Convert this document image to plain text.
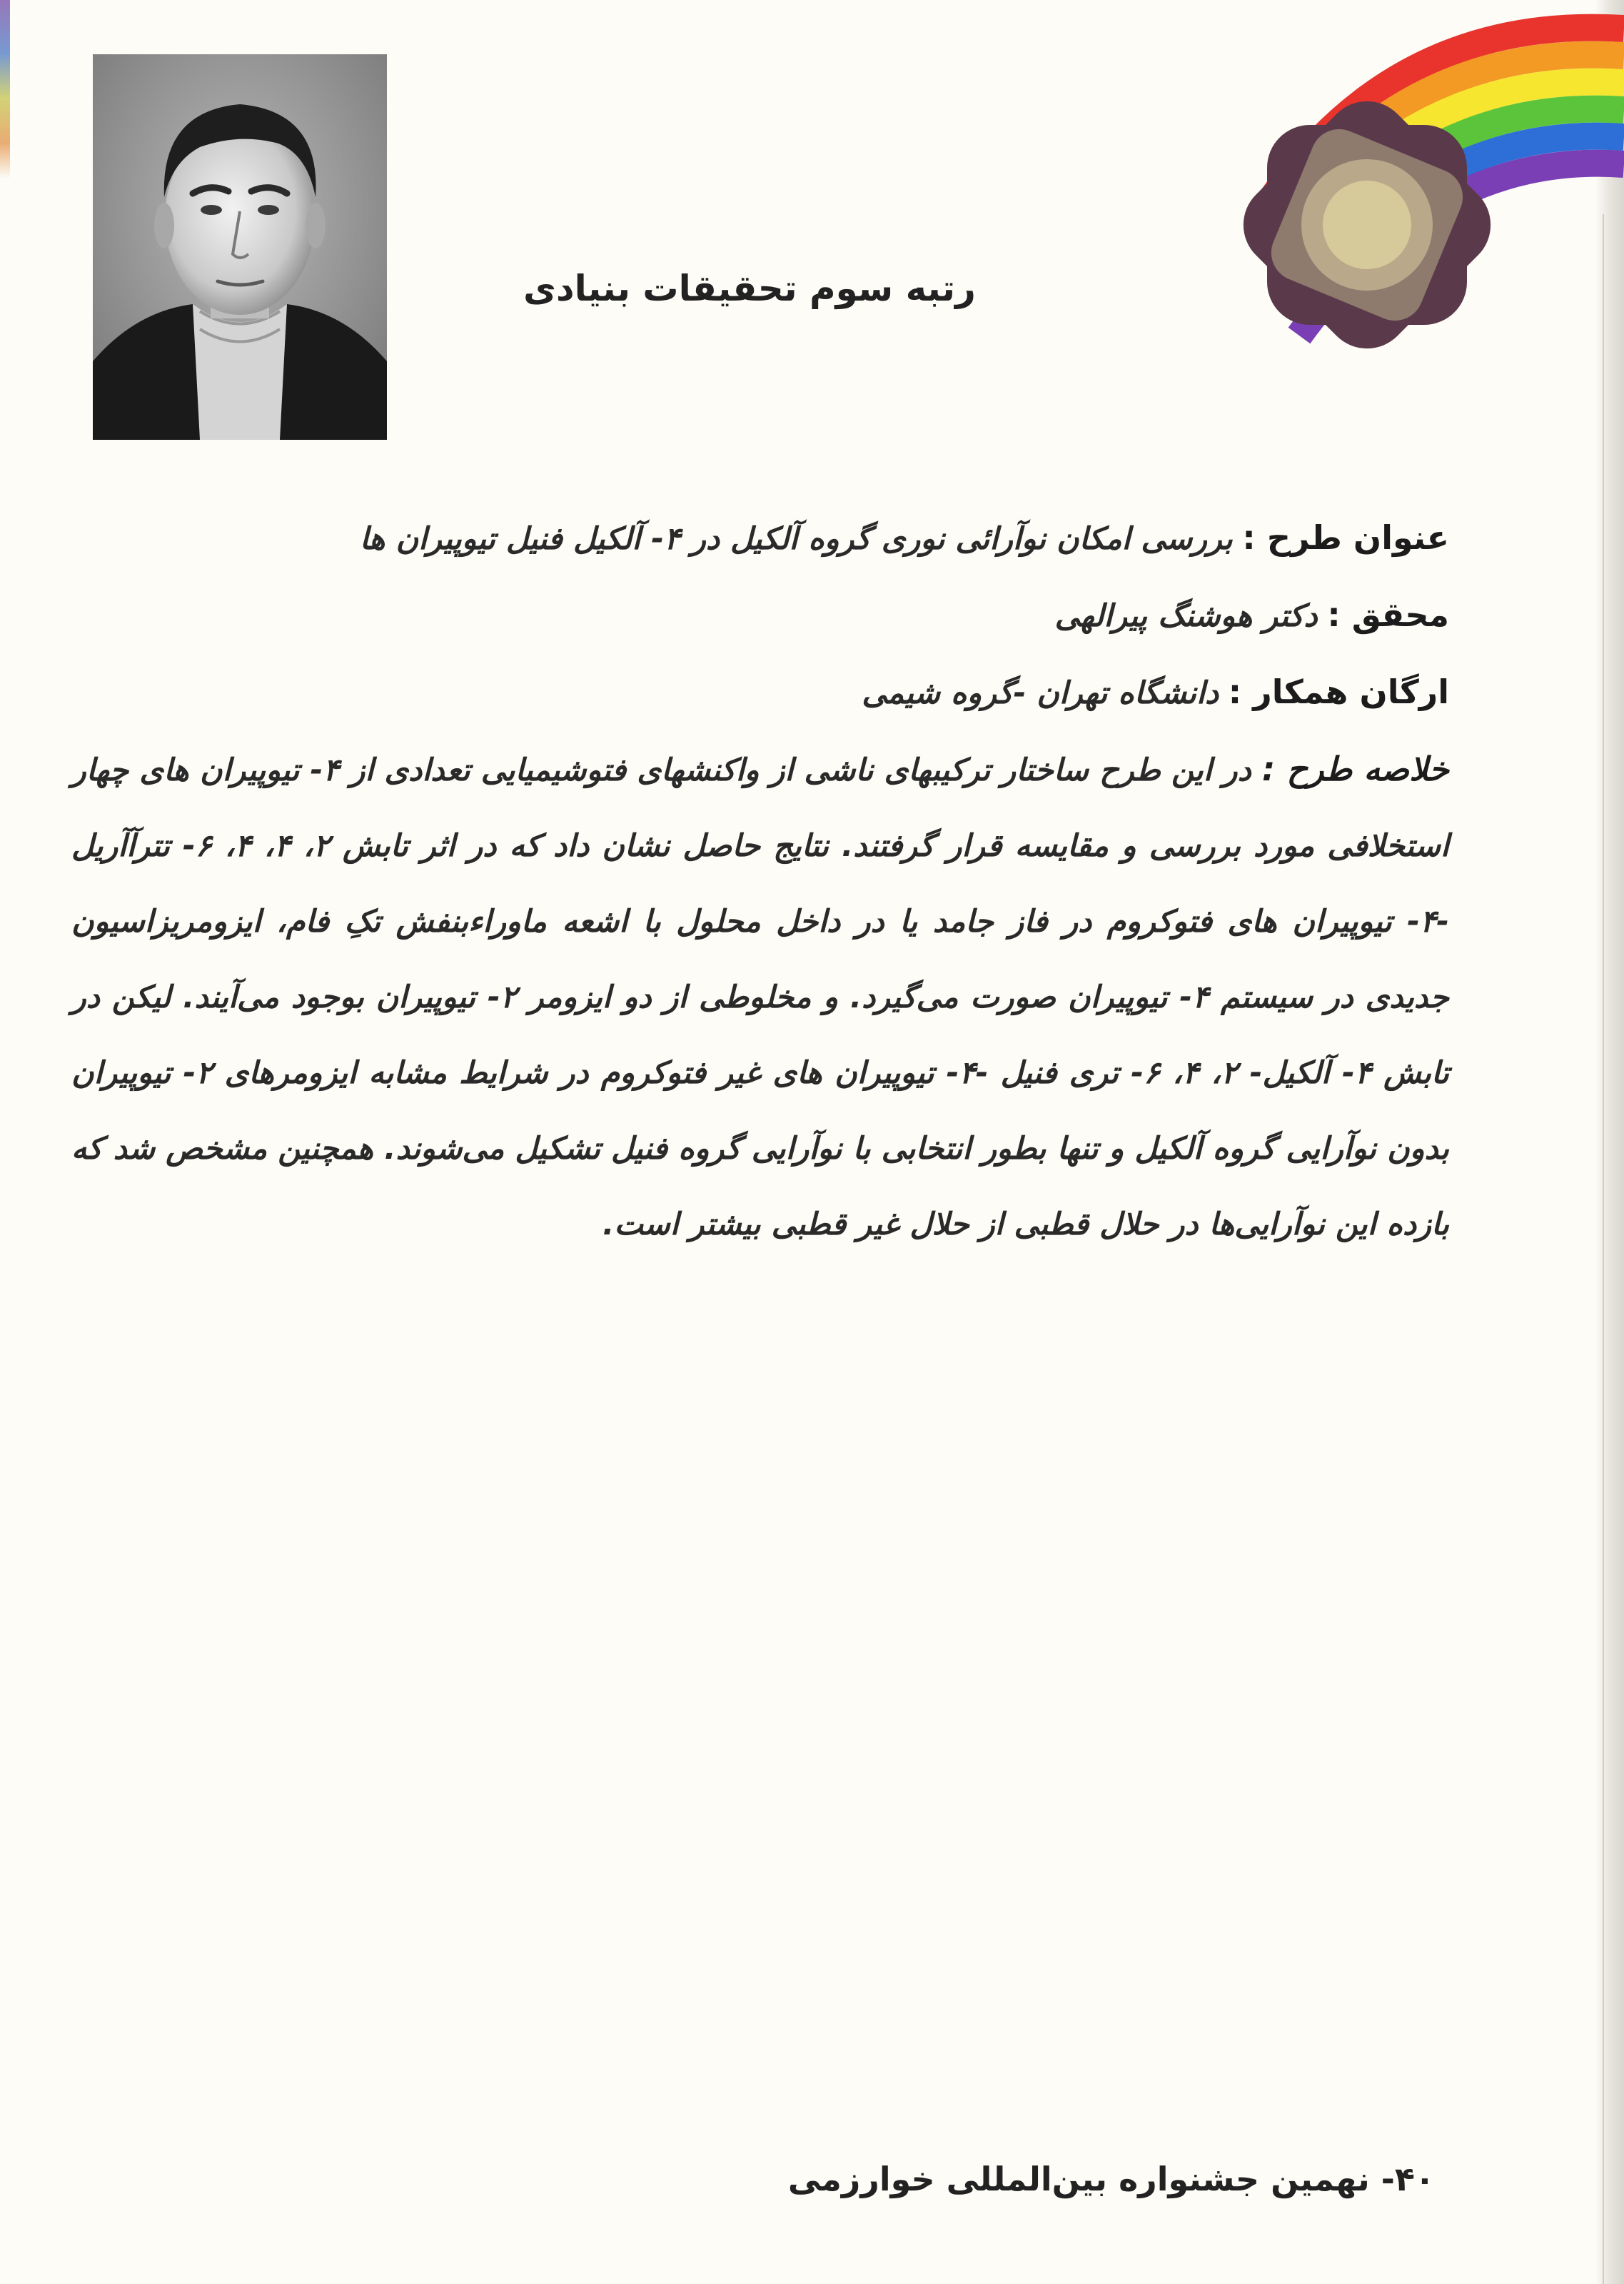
رتبه سوم تحقیقات بنیادی

عنوان طرح : بررسی امکان نوآرائی نوری گروه آلکیل در ۴- آلکیل فنیل تیوپیران ها

محقق : دکتر هوشنگ پیرالهی

ارگان همکار : دانشگاه تهران -گروه شیمی

خلاصه طرح : در این طرح ساختار ترکیبهای ناشی از واکنشهای فتوشیمیایی تعدادی از ۴- تیوپیران های چهار استخلافی مورد بررسی و مقایسه قرار گرفتند. نتایج حاصل نشان داد که در اثر تابش ۲، ۴، ۴، ۶- تترآآریل -۴- تیوپیران های فتوکروم در فاز جامد یا در داخل محلول با اشعه ماوراء‌بنفش تکِ فام، ایزومریزاسیون جدیدی در سیستم ۴- تیوپیران صورت می‌گیرد. و مخلوطی از دو ایزومر ۲- تیوپیران بوجود می‌آیند. لیکن در تابش ۴- آلکیل- ۲، ۴، ۶- تری فنیل -۴- تیوپیران های غیر فتوکروم در شرایط مشابه ایزومرهای ۲- تیوپیران بدون نوآرایی گروه آلکیل و تنها بطور انتخابی با نوآرایی گروه فنیل تشکیل می‌شوند. همچنین مشخص شد که بازده این نوآرایی‌ها در حلال قطبی از حلال غیر قطبی بیشتر است.

۴۰- نهمین جشنواره بین‌المللی خوارزمی
